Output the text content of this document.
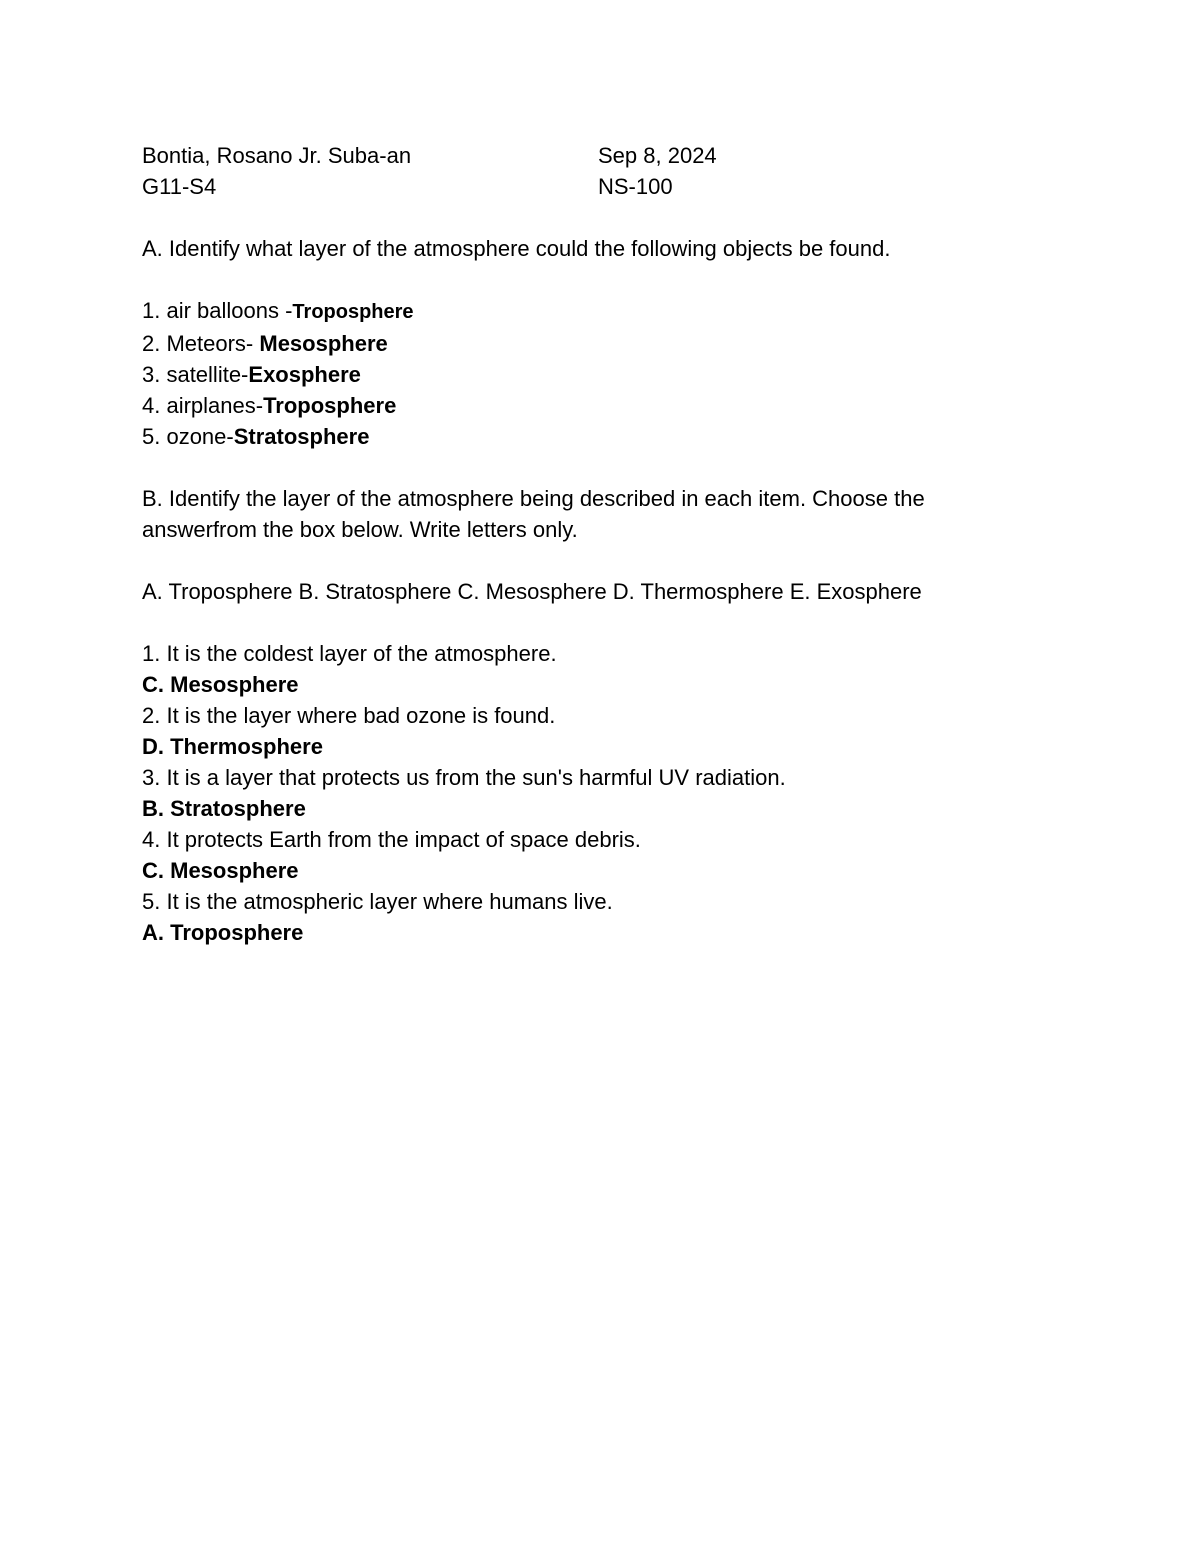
Bontia, Rosano Jr. Suba-an	Sep 8, 2024
G11-S4	NS-100
A. Identify what layer of the atmosphere could the following objects be found.
1. air balloons -Troposphere
2. Meteors- Mesosphere
3. satellite-Exosphere
4. airplanes-Troposphere
5. ozone-Stratosphere
B. Identify the layer of the atmosphere being described in each item. Choose the
answerfrom the box below. Write letters only.
A. Troposphere B. Stratosphere C. Mesosphere D. Thermosphere E. Exosphere
1. It is the coldest layer of the atmosphere.
C. Mesosphere
2. It is the layer where bad ozone is found.
D. Thermosphere
3. It is a layer that protects us from the sun's harmful UV radiation.
B. Stratosphere
4. It protects Earth from the impact of space debris.
C. Mesosphere
5. It is the atmospheric layer where humans live.
A. Troposphere
